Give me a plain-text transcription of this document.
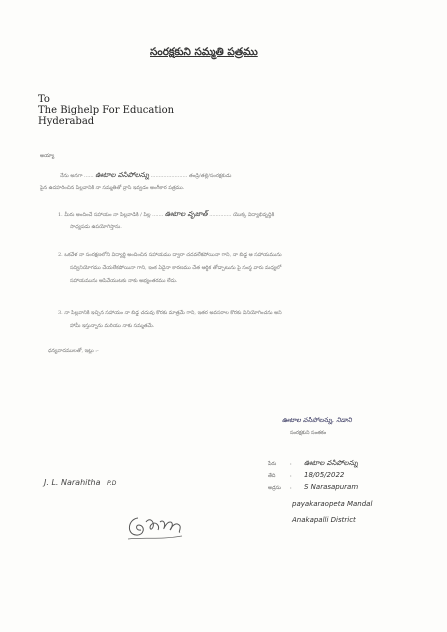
సంరక్షకుని సమ్మతి పత్రము
To
The Bighelp For Education
Hyderabad
అయ్యా
నేను అనగా ...... ఊటాల వసిపోలన్ను ....................... తండ్రి/తల్లి/సంరక్షకుడు
పైన ఉదహరించిన పిల్లవానికి నా సమ్మతితో వ్రాసి ఇవ్వడం అంగీకార పత్రము.
1. మీరు అందించే సహాయం నా పిల్లవాడికి / పిల్ల ....... ఊటాల వృజాత్ .............. యొక్క విద్యాభివృద్ధికి
సాధ్యపడు ఉపయోగిస్తాను.
2. ఒకవేళ నా సంరక్షణలోని విద్యార్థి అందించిన సహాయము ద్వారా చదవలేకపోయినా గాని, నా బిడ్డ ఆ సహాయమును
సద్వినియోగము చేయలేకపోయినా గాని, ఇంక ఏదైనా కారణము చేత ఆర్థిక తోడ్పాటును పై సంస్థ వారు మధ్యలో
సహాయమును ఆపివేయుటకు నాకు అభ్యంతరము లేదు.
3. నా పిల్లవానికి ఇచ్చిన సహాయం నా బిడ్డ చదువు కొరకు మాత్రమే గాని, ఇతర అవసరాల కొరకు వినియోగించను అని
హామీ ఇస్తున్నాను మరియు నాకు సమ్మతమే.
ధన్యవాదములతో, ఇట్లు :-
ఊటాల వసిపోలన్ను, నిడాని
సంరక్షకుని సంతకం
పేరు	: ఊటాల వసిపోలన్ను
తేది	: 18/05/2022
అడ్రసు : S Narasapuram
payakaraopeta Mandal
Anakapalli District
J. L. Narahitha P.D
